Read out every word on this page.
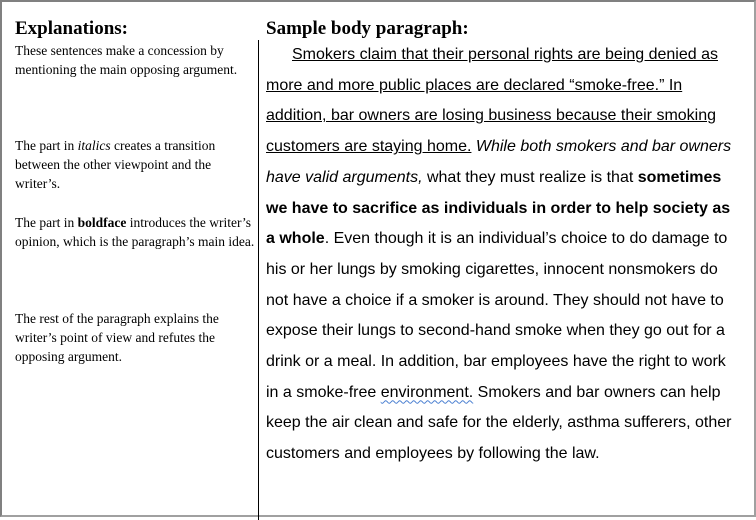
Explanations:

These sentences make a concession by mentioning the main opposing argument.

The part in italics creates a transition between the other viewpoint and the writer’s.

The part in boldface introduces the writer’s opinion, which is the paragraph’s main idea.

The rest of the paragraph explains the writer’s point of view and refutes the opposing argument.

Sample body paragraph:

Smokers claim that their personal rights are being denied as more and more public places are declared “smoke-free.” In addition, bar owners are losing business because their smoking customers are staying home. While both smokers and bar owners have valid arguments, what they must realize is that sometimes we have to sacrifice as individuals in order to help society as a whole. Even though it is an individual’s choice to do damage to his or her lungs by smoking cigarettes, innocent nonsmokers do not have a choice if a smoker is around. They should not have to expose their lungs to second-hand smoke when they go out for a drink or a meal. In addition, bar employees have the right to work in a smoke-free environment. Smokers and bar owners can help keep the air clean and safe for the elderly, asthma sufferers, other customers and employees by following the law.
